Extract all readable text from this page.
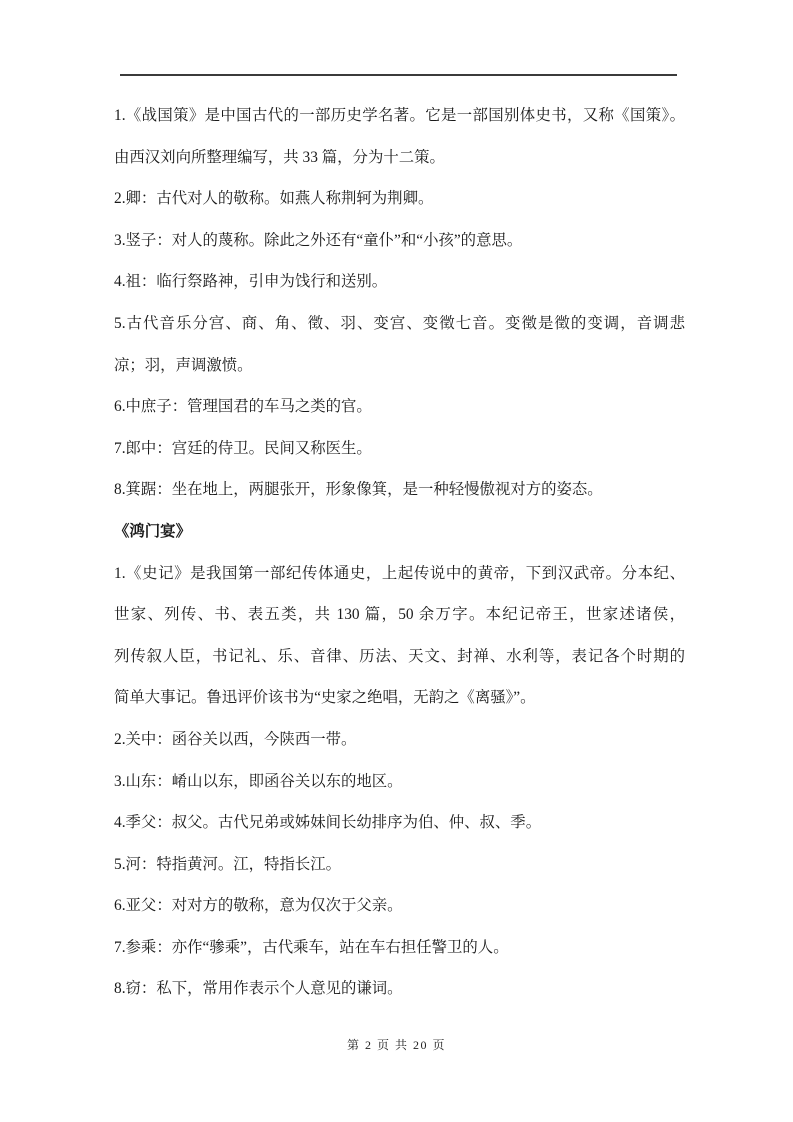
1.《战国策》是中国古代的一部历史学名著。它是一部国别体史书，又称《国策》。
由西汉刘向所整理编写，共 33 篇，分为十二策。
2.卿：古代对人的敬称。如燕人称荆轲为荆卿。
3.竖子：对人的蔑称。除此之外还有“童仆”和“小孩”的意思。
4.祖：临行祭路神，引申为饯行和送别。
5.古代音乐分宫、商、角、徵、羽、变宫、变徵七音。变徵是徵的变调，音调悲
凉；羽，声调激愤。
6.中庶子：管理国君的车马之类的官。
7.郎中：宫廷的侍卫。民间又称医生。
8.箕踞：坐在地上，两腿张开，形象像箕，是一种轻慢傲视对方的姿态。
《鸿门宴》
1.《史记》是我国第一部纪传体通史，上起传说中的黄帝，下到汉武帝。分本纪、
世家、列传、书、表五类，共 130 篇，50 余万字。本纪记帝王，世家述诸侯，
列传叙人臣，书记礼、乐、音律、历法、天文、封禅、水利等，表记各个时期的
简单大事记。鲁迅评价该书为“史家之绝唱，无韵之《离骚》”。
2.关中：函谷关以西，今陕西一带。
3.山东：崤山以东，即函谷关以东的地区。
4.季父：叔父。古代兄弟或姊妹间长幼排序为伯、仲、叔、季。
5.河：特指黄河。江，特指长江。
6.亚父：对对方的敬称，意为仅次于父亲。
7.参乘：亦作“骖乘”，古代乘车，站在车右担任警卫的人。
8.窃：私下，常用作表示个人意见的谦词。
第 2 页 共 20 页
